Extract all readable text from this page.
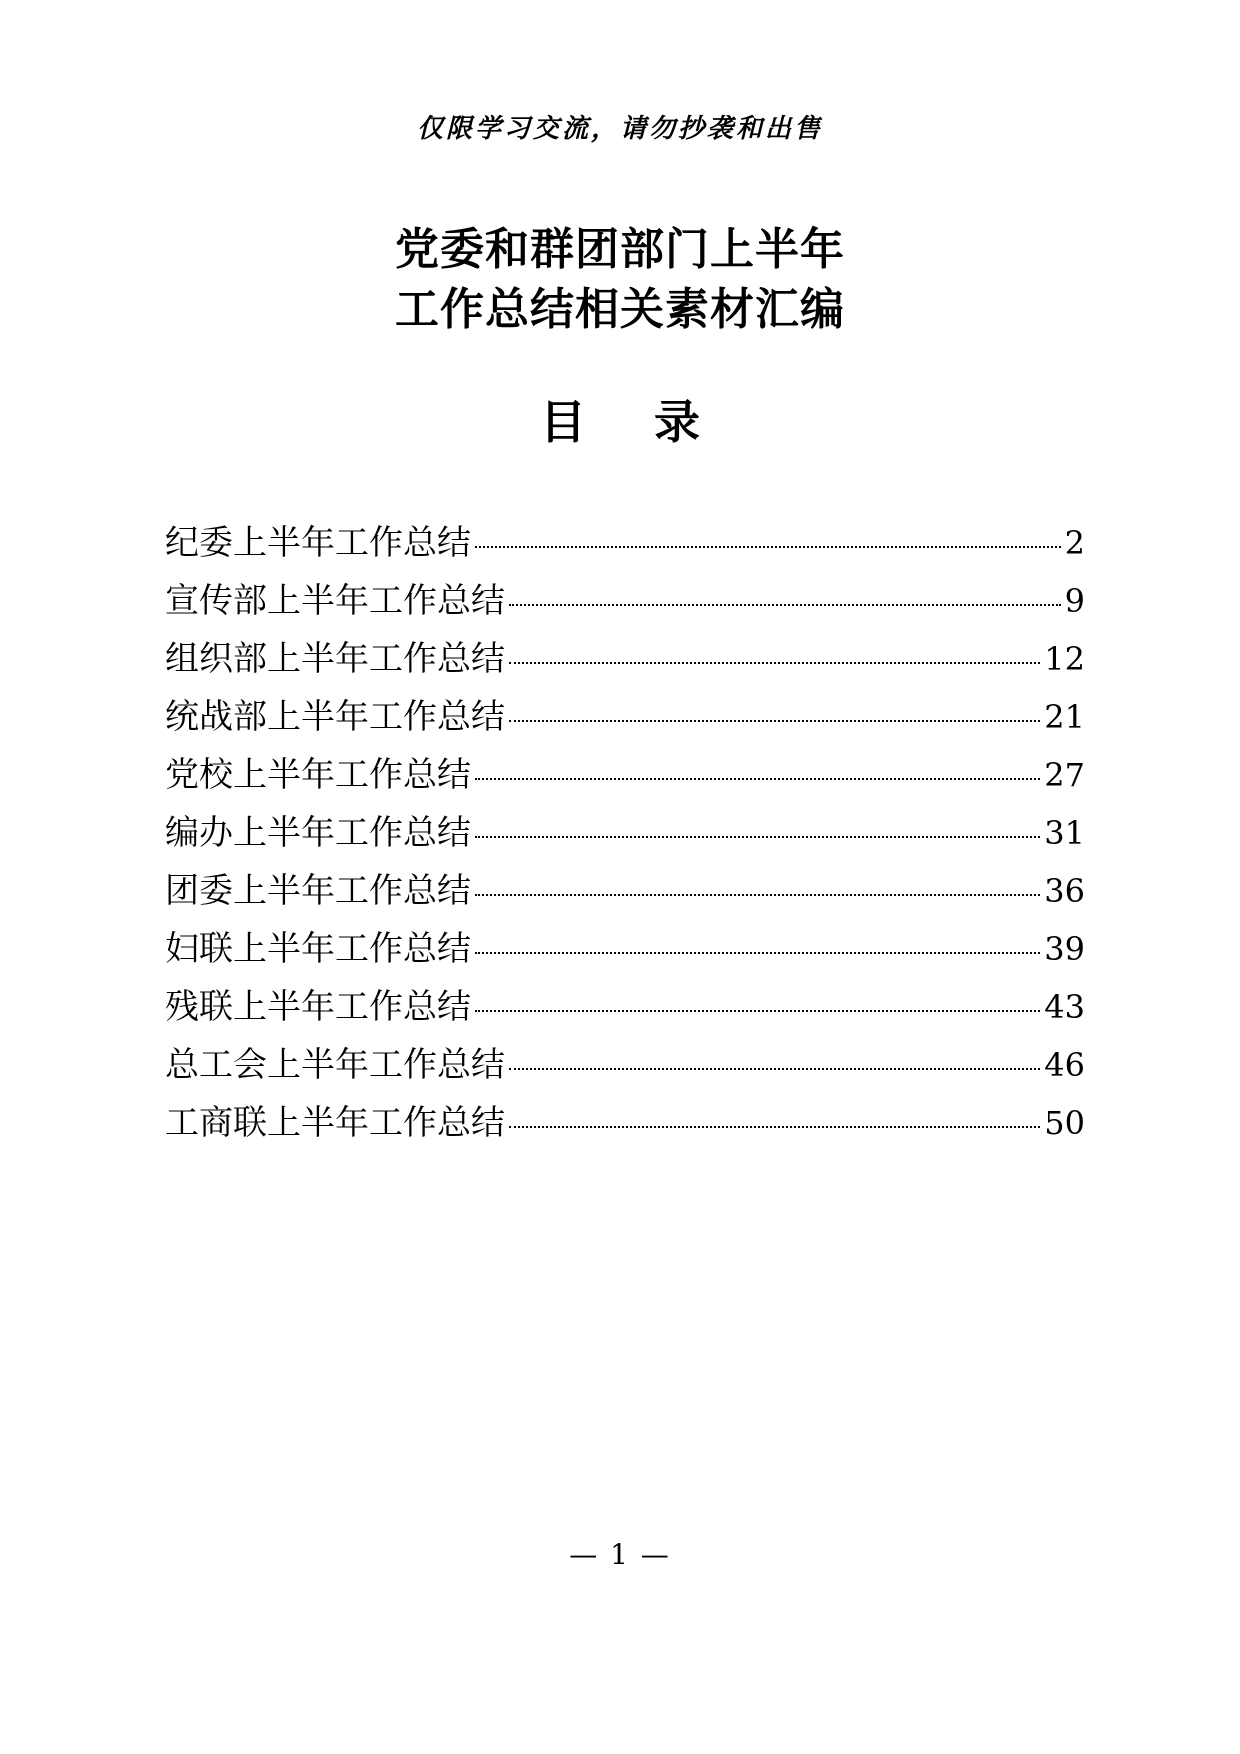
仅限学习交流，请勿抄袭和出售
党委和群团部门上半年
工作总结相关素材汇编
目 录
纪委上半年工作总结	2
宣传部上半年工作总结	9
组织部上半年工作总结	12
统战部上半年工作总结	21
党校上半年工作总结	27
编办上半年工作总结	31
团委上半年工作总结	36
妇联上半年工作总结	39
残联上半年工作总结	43
总工会上半年工作总结	46
工商联上半年工作总结	50
— 1 —
